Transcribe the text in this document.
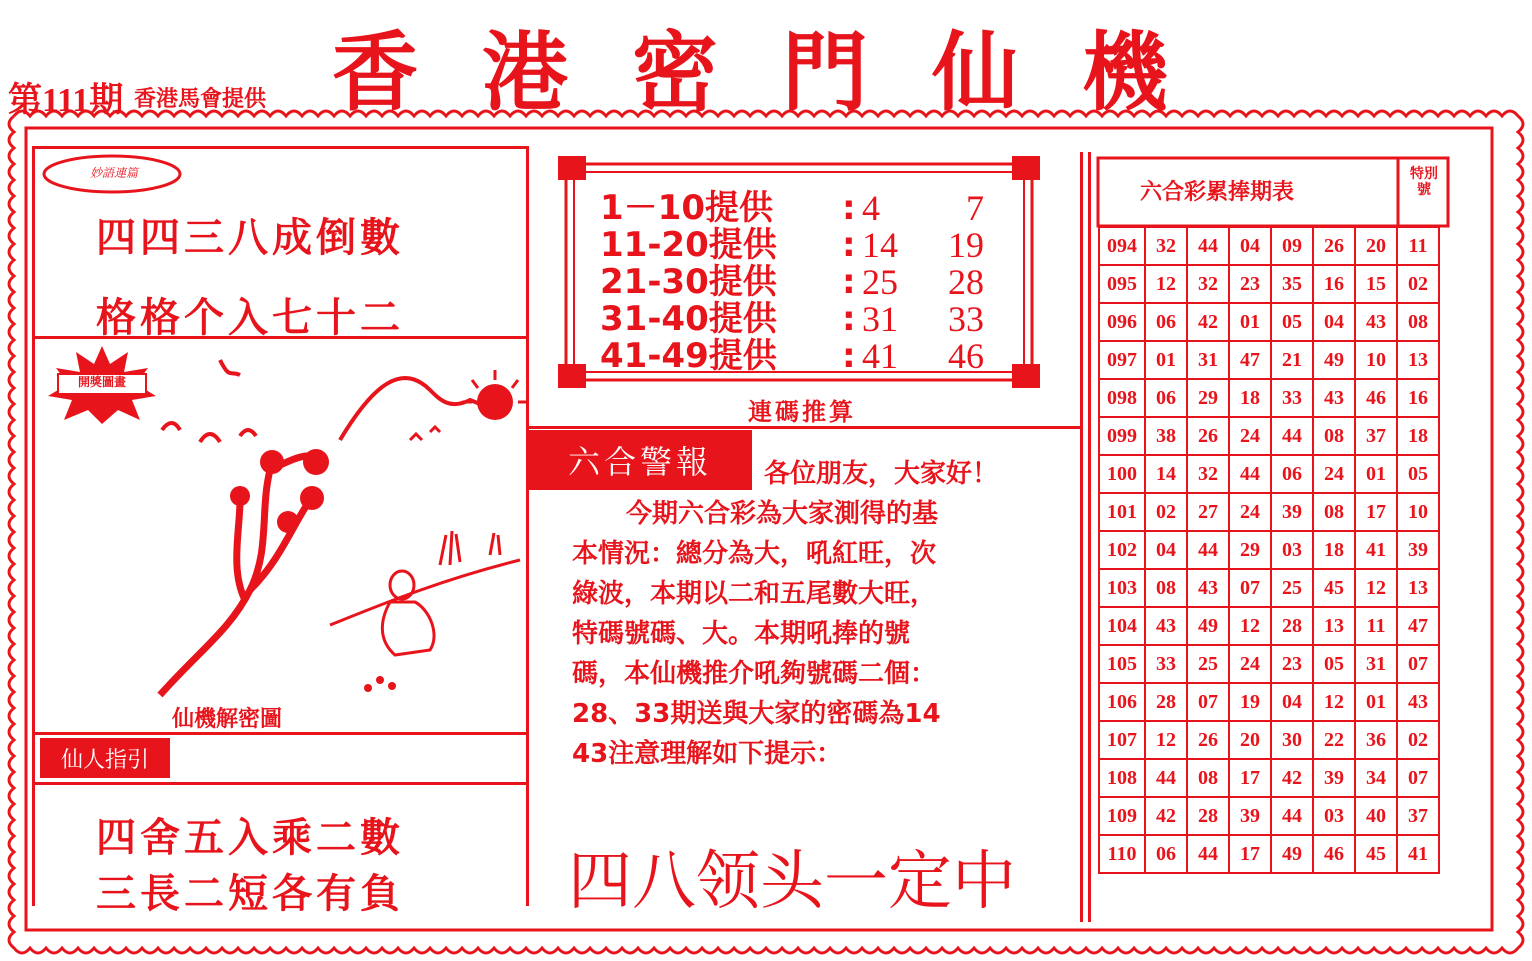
第111期 香港馬會提供 香 港 密 門 仙 機
妙語連篇
四四三八成倒數
格格个入七十二
開獎圖畫
仙機解密圖
仙人指引
四舍五入乘二數
三長二短各有負
1－10提供	: 4	7
11-20提供	: 14	19
21-30提供	: 25	28
31-40提供	: 31	33
41-49提供	: 41	46
連碼推算
六合警報	各位朋友，大家好！
今期六合彩為大家測得的基
本情況：總分為大，吼紅旺，次
綠波，本期以二和五尾數大旺，
特碼號碼、大。本期吼捧的號
碼，本仙機推介吼夠號碼二個：
28、33期送與大家的密碼為14
43注意理解如下提示：
四八领头一定中
六合彩累捧期表
特別號
094	32	44	04	09	26	20	11
095	12	32	23	35	16	15	02
096	06	42	01	05	04	43	08
097	01	31	47	21	49	10	13
098	06	29	18	33	43	46	16
099	38	26	24	44	08	37	18
100	14	32	44	06	24	01	05
101	02	27	24	39	08	17	10
102	04	44	29	03	18	41	39
103	08	43	07	25	45	12	13
104	43	49	12	28	13	11	47
105	33	25	24	23	05	31	07
106	28	07	19	04	12	01	43
107	12	26	20	30	22	36	02
108	44	08	17	42	39	34	07
109	42	28	39	44	03	40	37
110	06	44	17	49	46	45	41
